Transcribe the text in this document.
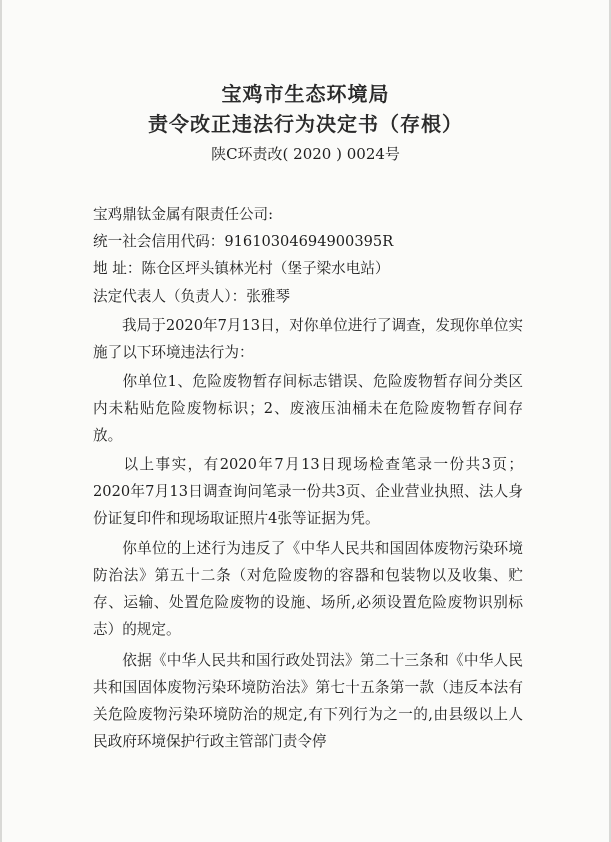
宝鸡市生态环境局
责令改正违法行为决定书（存根）
陕C环责改( 2020 ) 0024号
宝鸡鼎钛金属有限责任公司:
统一社会信用代码：91610304694900395R
地 址：陈仓区坪头镇林光村（堡子梁水电站）
法定代表人（负责人）：张雅琴
我局于2020年7月13日，对你单位进行了调查，发现你单位实施了以下环境违法行为：
你单位1、危险废物暂存间标志错误、危险废物暂存间分类区内未粘贴危险废物标识；2、废液压油桶未在危险废物暂存间存放。
以上事实，有2020年7月13日现场检查笔录一份共3页；2020年7月13日调查询问笔录一份共3页、企业营业执照、法人身份证复印件和现场取证照片4张等证据为凭。
你单位的上述行为违反了《中华人民共和国固体废物污染环境防治法》第五十二条（对危险废物的容器和包装物以及收集、贮存、运输、处置危险废物的设施、场所,必须设置危险废物识别标志）的规定。
依据《中华人民共和国行政处罚法》第二十三条和《中华人民共和国固体废物污染环境防治法》第七十五条第一款（违反本法有关危险废物污染环境防治的规定,有下列行为之一的,由县级以上人民政府环境保护行政主管部门责令停
